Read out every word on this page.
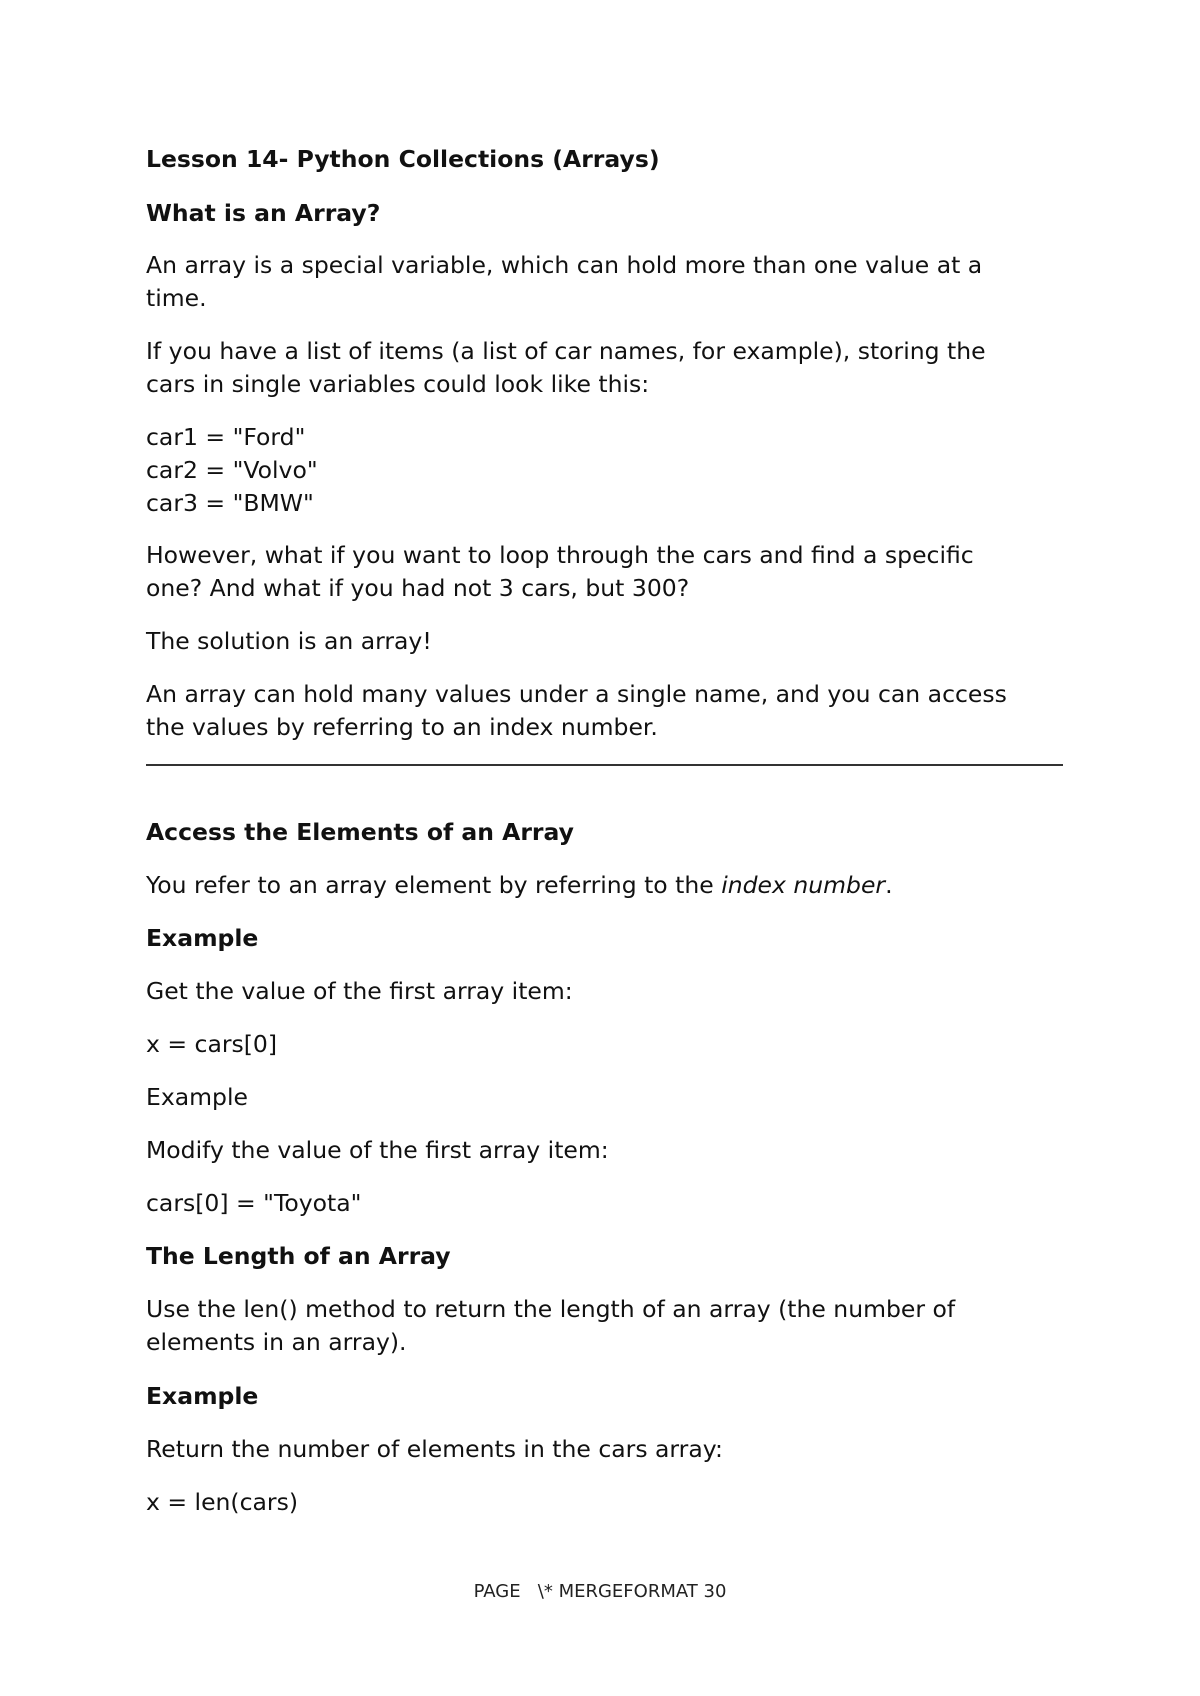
Lesson 14- Python Collections (Arrays)

What is an Array?

An array is a special variable, which can hold more than one value at a
time.

If you have a list of items (a list of car names, for example), storing the
cars in single variables could look like this:

car1 = "Ford"
car2 = "Volvo"
car3 = "BMW"

However, what if you want to loop through the cars and find a specific
one? And what if you had not 3 cars, but 300?

The solution is an array!

An array can hold many values under a single name, and you can access
the values by referring to an index number.

Access the Elements of an Array

You refer to an array element by referring to the index number.

Example

Get the value of the first array item:

x = cars[0]

Example

Modify the value of the first array item:

cars[0] = "Toyota"

The Length of an Array

Use the len() method to return the length of an array (the number of
elements in an array).

Example

Return the number of elements in the cars array:

x = len(cars)

PAGE   \* MERGEFORMAT 30
